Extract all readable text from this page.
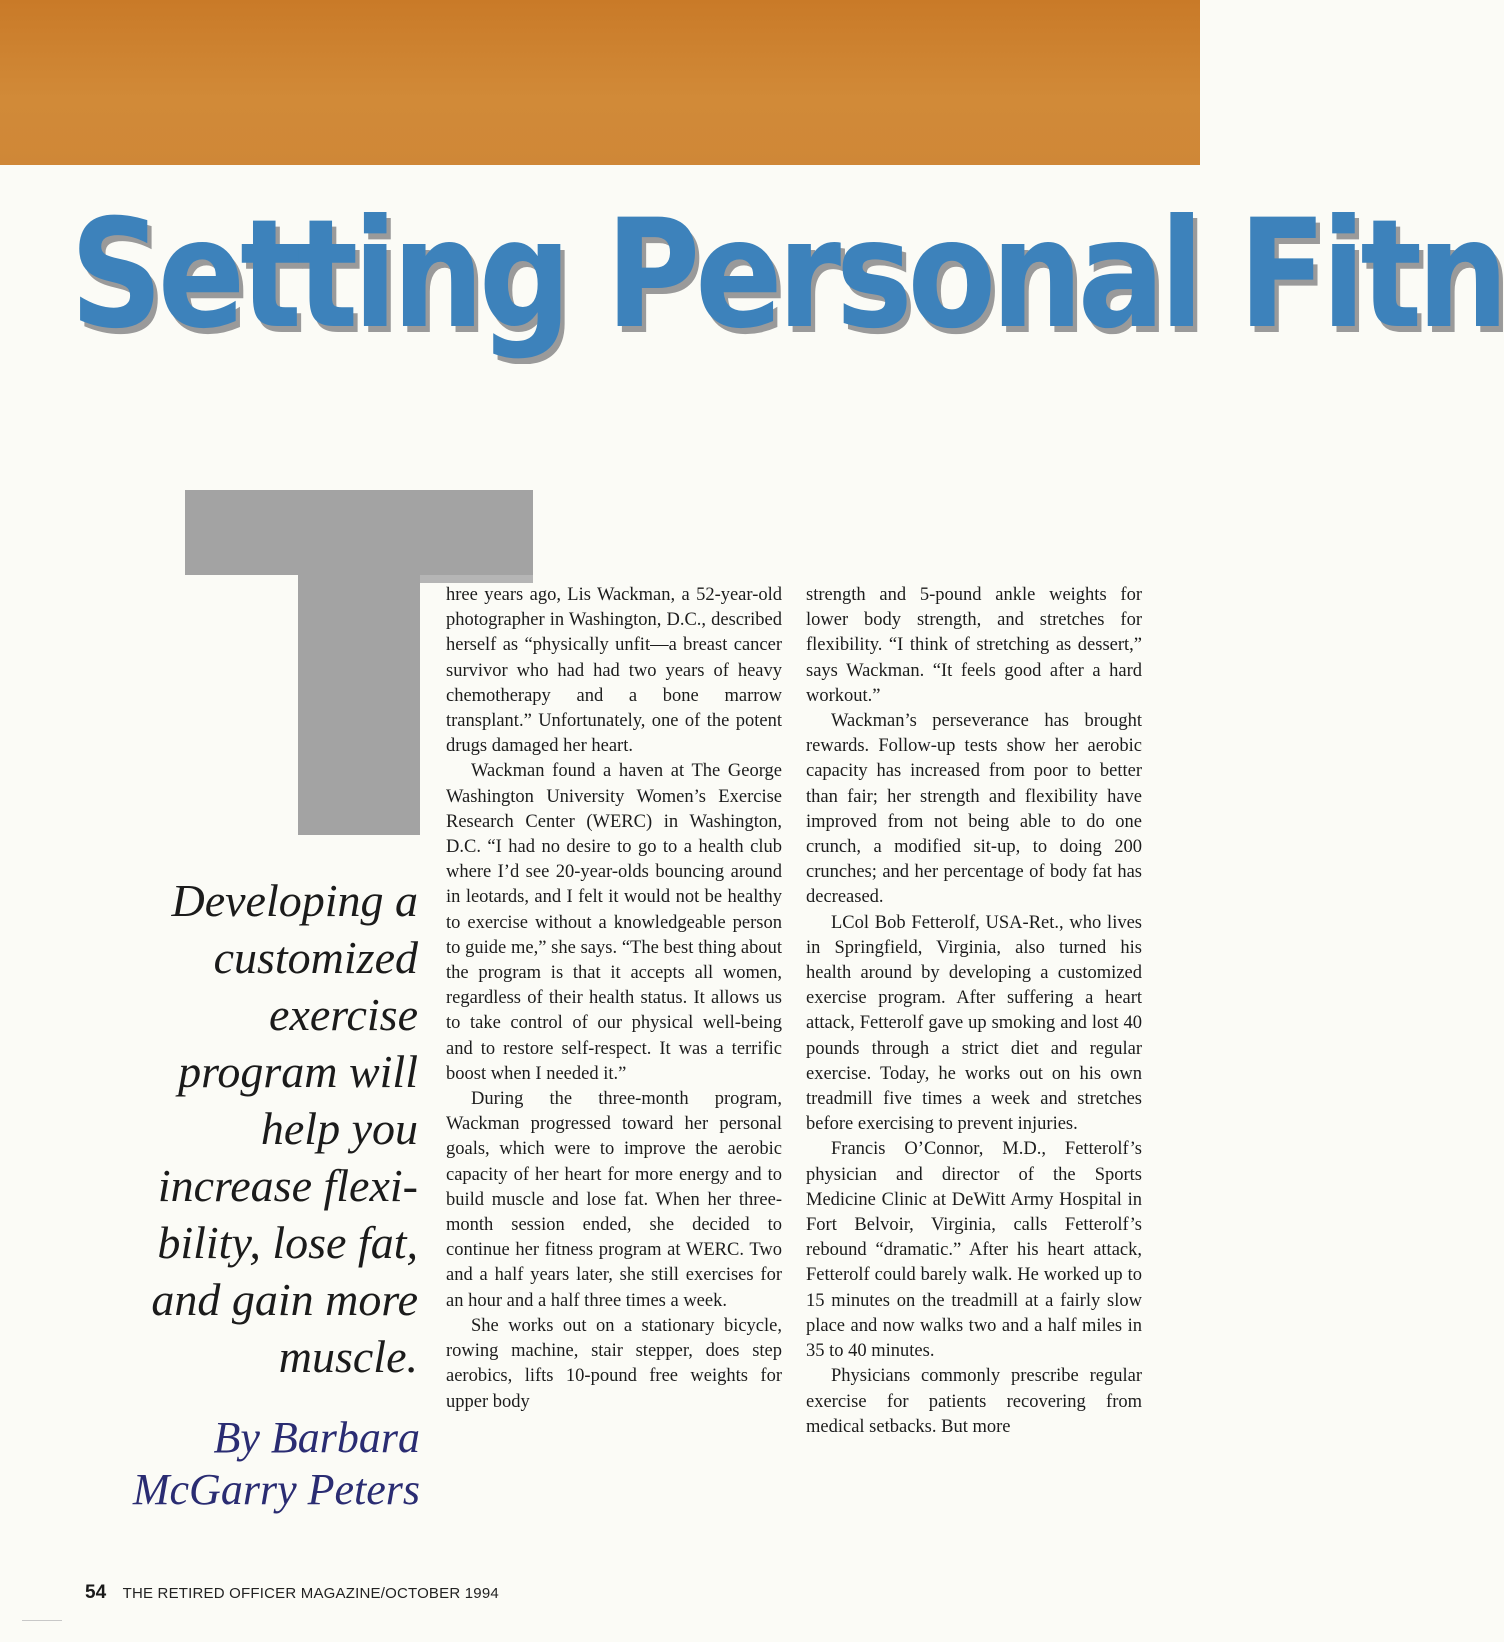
Setting Personal Fitn
Developing a customized exercise program will help you increase flexibility, lose fat, and gain more muscle.
By Barbara McGarry Peters

hree years ago, Lis Wackman, a 52-year-old photographer in Washington, D.C., described herself as “physically unfit—a breast cancer survivor who had had two years of heavy chemotherapy and a bone marrow transplant.” Unfortunately, one of the potent drugs damaged her heart.

Wackman found a haven at The George Washington University Women’s Exercise Research Center (WERC) in Washington, D.C. “I had no desire to go to a health club where I’d see 20-year-olds bouncing around in leotards, and I felt it would not be healthy to exercise without a knowledgeable person to guide me,” she says. “The best thing about the program is that it accepts all women, regardless of their health status. It allows us to take control of our physical well-being and to restore self-respect. It was a terrific boost when I needed it.”

During the three-month program, Wackman progressed toward her personal goals, which were to improve the aerobic capacity of her heart for more energy and to build muscle and lose fat. When her three-month session ended, she decided to continue her fitness program at WERC. Two and a half years later, she still exercises for an hour and a half three times a week.

She works out on a stationary bicycle, rowing machine, stair stepper, does step aerobics, lifts 10-pound free weights for upper body

strength and 5-pound ankle weights for lower body strength, and stretches for flexibility. “I think of stretching as dessert,” says Wackman. “It feels good after a hard workout.”

Wackman’s perseverance has brought rewards. Follow-up tests show her aerobic capacity has increased from poor to better than fair; her strength and flexibility have improved from not being able to do one crunch, a modified sit-up, to doing 200 crunches; and her percentage of body fat has decreased.

LCol Bob Fetterolf, USA-Ret., who lives in Springfield, Virginia, also turned his health around by developing a customized exercise program. After suffering a heart attack, Fetterolf gave up smoking and lost 40 pounds through a strict diet and regular exercise. Today, he works out on his own treadmill five times a week and stretches before exercising to prevent injuries.

Francis O’Connor, M.D., Fetterolf’s physician and director of the Sports Medicine Clinic at DeWitt Army Hospital in Fort Belvoir, Virginia, calls Fetterolf’s rebound “dramatic.” After his heart attack, Fetterolf could barely walk. He worked up to 15 minutes on the treadmill at a fairly slow place and now walks two and a half miles in 35 to 40 minutes.

Physicians commonly prescribe regular exercise for patients recovering from medical setbacks. But more

54 THE RETIRED OFFICER MAGAZINE/OCTOBER 1994
